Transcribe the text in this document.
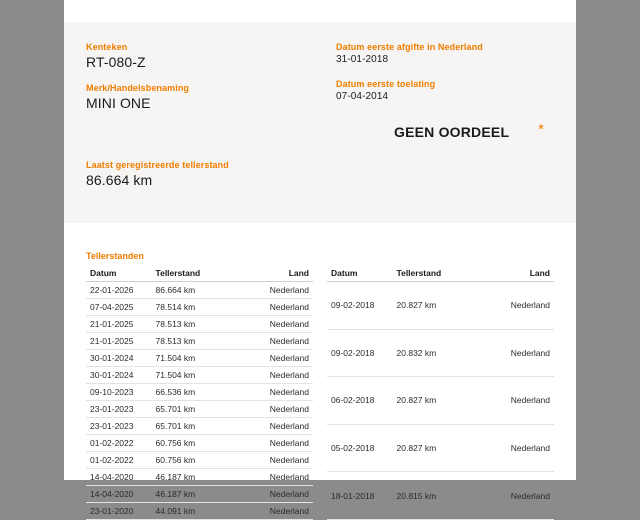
Kenteken
RT-080-Z
Merk/Handelsbenaming
MINI ONE
Datum eerste afgifte in Nederland
31-01-2018
Datum eerste toelating
07-04-2014
GEEN OORDEEL *
Laatst geregistreerde tellerstand
86.664 km
Tellerstanden
Datum	Tellerstand	Land
22-01-2026	86.664 km	Nederland
07-04-2025	78.514 km	Nederland
21-01-2025	78.513 km	Nederland
21-01-2025	78.513 km	Nederland
30-01-2024	71.504 km	Nederland
30-01-2024	71.504 km	Nederland
09-10-2023	66.536 km	Nederland
23-01-2023	65.701 km	Nederland
23-01-2023	65.701 km	Nederland
01-02-2022	60.756 km	Nederland
01-02-2022	60.756 km	Nederland
14-04-2020	46.187 km	Nederland
14-04-2020	46.187 km	Nederland
23-01-2020	44.091 km	Nederland
Datum	Tellerstand	Land
09-02-2018	20.827 km	Nederland
09-02-2018	20.832 km	Nederland
06-02-2018	20.827 km	Nederland
05-02-2018	20.827 km	Nederland
18-01-2018	20.815 km	Nederland
